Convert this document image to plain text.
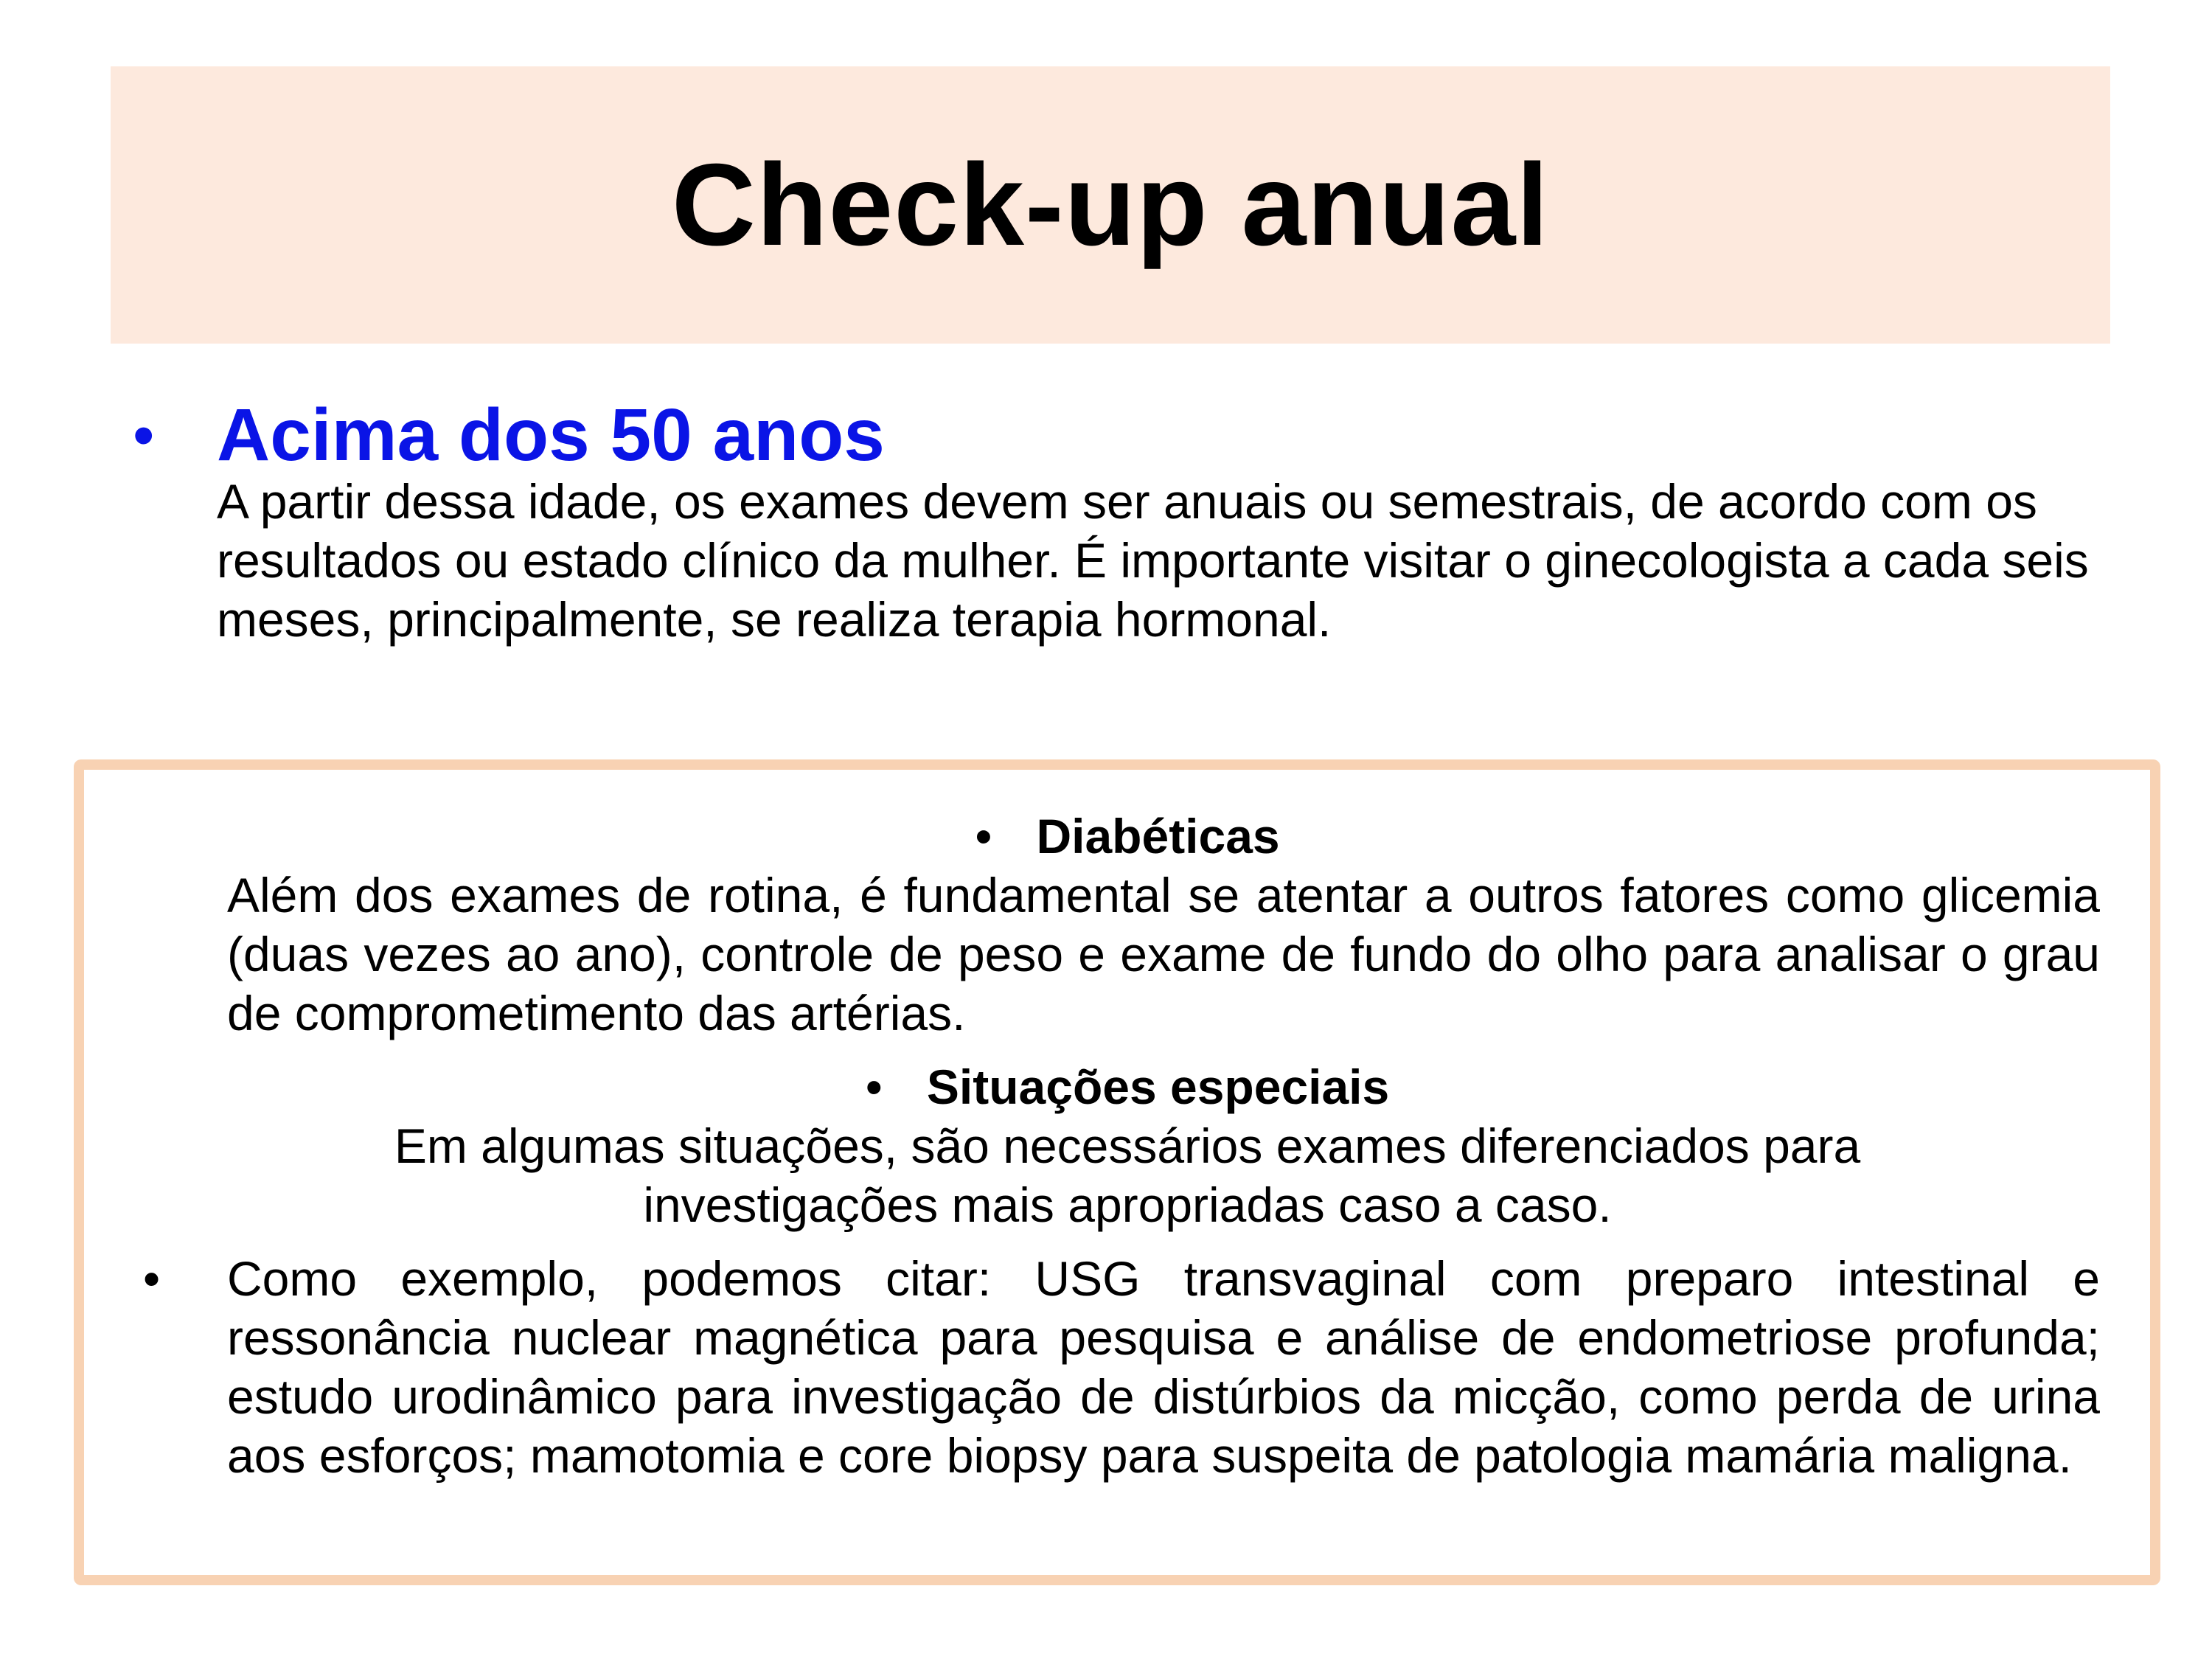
Check-up anual
• Acima dos 50 anos
A partir dessa idade, os exames devem ser anuais ou semestrais, de acordo com os resultados ou estado clínico da mulher. É importante visitar o ginecologista a cada seis meses, principalmente, se realiza terapia hormonal.
• Diabéticas
Além dos exames de rotina, é fundamental se atentar a outros fatores como glicemia (duas vezes ao ano), controle de peso e exame de fundo do olho para analisar o grau de comprometimento das artérias.
• Situações especiais
Em algumas situações, são necessários exames diferenciados para
investigações mais apropriadas caso a caso.
•	Como exemplo, podemos citar: USG transvaginal com preparo intestinal e ressonância nuclear magnética para pesquisa e análise de endometriose profunda; estudo urodinâmico para investigação de distúrbios da micção, como perda de urina aos esforços; mamotomia e core biopsy para suspeita de patologia mamária maligna.
